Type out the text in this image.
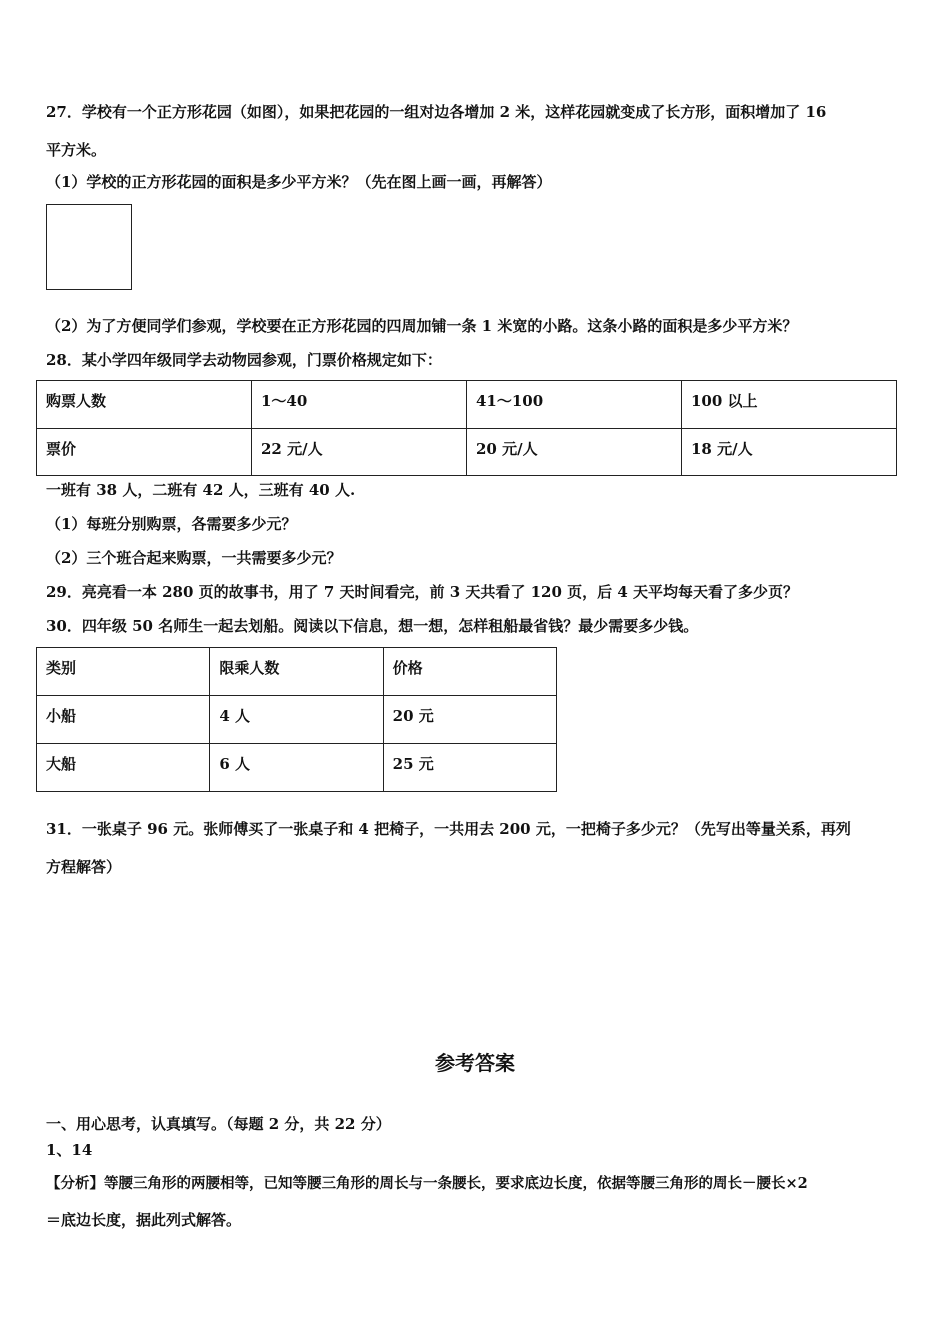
27．学校有一个正方形花园（如图），如果把花园的一组对边各增加 2 米，这样花园就变成了长方形，面积增加了 16
平方米。
（1）学校的正方形花园的面积是多少平方米？（先在图上画一画，再解答）
（2）为了方便同学们参观，学校要在正方形花园的四周加铺一条 1 米宽的小路。这条小路的面积是多少平方米？
28．某小学四年级同学去动物园参观，门票价格规定如下：
购票人数	1～40	41～100	100 以上
票价	22 元/人	20 元/人	18 元/人
一班有 38 人，二班有 42 人，三班有 40 人.
（1）每班分别购票，各需要多少元？
（2）三个班合起来购票，一共需要多少元？
29．亮亮看一本 280 页的故事书，用了 7 天时间看完，前 3 天共看了 120 页，后 4 天平均每天看了多少页？
30．四年级 50 名师生一起去划船。阅读以下信息，想一想，怎样租船最省钱？最少需要多少钱。
类别	限乘人数	价格
小船	4 人	20 元
大船	6 人	25 元
31．一张桌子 96 元。张师傅买了一张桌子和 4 把椅子，一共用去 200 元，一把椅子多少元？（先写出等量关系，再列
方程解答）
参考答案
一、用心思考，认真填写。（每题 2 分，共 22 分）
1、14
【分析】等腰三角形的两腰相等，已知等腰三角形的周长与一条腰长，要求底边长度，依据等腰三角形的周长－腰长×2
＝底边长度，据此列式解答。
